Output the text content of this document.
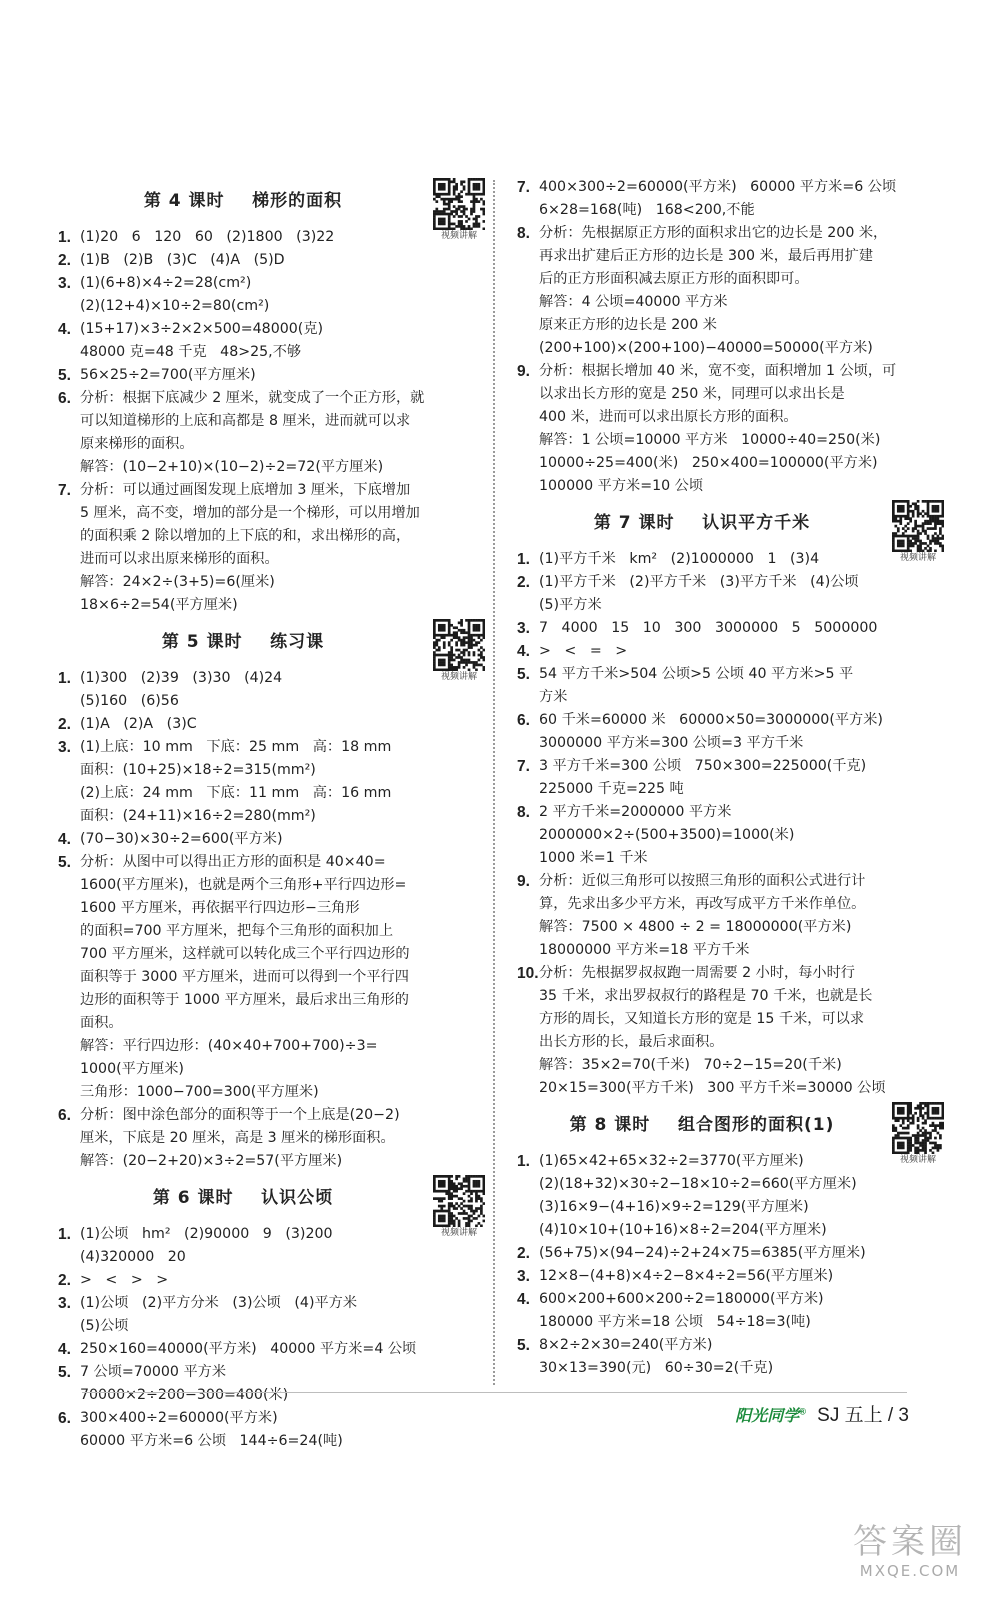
第 4 课时    梯形的面积
视频讲解
1. (1)20   6   120   60   (2)1800   (3)22
2. (1)B   (2)B   (3)C   (4)A   (5)D
3. (1)(6+8)×4÷2=28(cm²)
(2)(12+4)×10÷2=80(cm²)
4. (15+17)×3÷2×2×500=48000(克)
48000 克=48 千克   48>25,不够
5. 56×25÷2=700(平方厘米)
6. 分析：根据下底减少 2 厘米，就变成了一个正方形，就
可以知道梯形的上底和高都是 8 厘米，进而就可以求
原来梯形的面积。
解答：(10−2+10)×(10−2)÷2=72(平方厘米)
7. 分析：可以通过画图发现上底增加 3 厘米，下底增加
5 厘米，高不变，增加的部分是一个梯形，可以用增加
的面积乘 2 除以增加的上下底的和，求出梯形的高，
进而可以求出原来梯形的面积。
解答：24×2÷(3+5)=6(厘米)
18×6÷2=54(平方厘米)
第 5 课时    练习课
视频讲解
1. (1)300   (2)39   (3)30   (4)24
(5)160   (6)56
2. (1)A   (2)A   (3)C
3. (1)上底：10 mm   下底：25 mm   高：18 mm
面积：(10+25)×18÷2=315(mm²)
(2)上底：24 mm   下底：11 mm   高：16 mm
面积：(24+11)×16÷2=280(mm²)
4. (70−30)×30÷2=600(平方米)
5. 分析：从图中可以得出正方形的面积是 40×40=
1600(平方厘米)，也就是两个三角形+平行四边形=
1600 平方厘米，再依据平行四边形−三角形
的面积=700 平方厘米，把每个三角形的面积加上
700 平方厘米，这样就可以转化成三个平行四边形的
面积等于 3000 平方厘米，进而可以得到一个平行四
边形的面积等于 1000 平方厘米，最后求出三角形的
面积。
解答：平行四边形：(40×40+700+700)÷3=
1000(平方厘米)
三角形：1000−700=300(平方厘米)
6. 分析：图中涂色部分的面积等于一个上底是(20−2)
厘米，下底是 20 厘米，高是 3 厘米的梯形面积。
解答：(20−2+20)×3÷2=57(平方厘米)
第 6 课时    认识公顷
视频讲解
1. (1)公顷   hm²   (2)90000   9   (3)200
(4)320000   20
2. >   <   >   >
3. (1)公顷   (2)平方分米   (3)公顷   (4)平方米
(5)公顷
4. 250×160=40000(平方米)   40000 平方米=4 公顷
5. 7 公顷=70000 平方米
70000×2÷200−300=400(米)
6. 300×400÷2=60000(平方米)
60000 平方米=6 公顷   144÷6=24(吨)
7. 400×300÷2=60000(平方米)   60000 平方米=6 公顷
6×28=168(吨)   168<200,不能
8. 分析：先根据原正方形的面积求出它的边长是 200 米，
再求出扩建后正方形的边长是 300 米，最后再用扩建
后的正方形面积减去原正方形的面积即可。
解答：4 公顷=40000 平方米
原来正方形的边长是 200 米
(200+100)×(200+100)−40000=50000(平方米)
9. 分析：根据长增加 40 米，宽不变，面积增加 1 公顷，可
以求出长方形的宽是 250 米，同理可以求出长是
400 米，进而可以求出原长方形的面积。
解答：1 公顷=10000 平方米   10000÷40=250(米)
10000÷25=400(米)   250×400=100000(平方米)
100000 平方米=10 公顷
第 7 课时    认识平方千米
视频讲解
1. (1)平方千米   km²   (2)1000000   1   (3)4
2. (1)平方千米   (2)平方千米   (3)平方千米   (4)公顷
(5)平方米
3. 7   4000   15   10   300   3000000   5   5000000
4. >   <   =   >
5. 54 平方千米>504 公顷>5 公顷 40 平方米>5 平
方米
6. 60 千米=60000 米   60000×50=3000000(平方米)
3000000 平方米=300 公顷=3 平方千米
7. 3 平方千米=300 公顷   750×300=225000(千克)
225000 千克=225 吨
8. 2 平方千米=2000000 平方米
2000000×2÷(500+3500)=1000(米)
1000 米=1 千米
9. 分析：近似三角形可以按照三角形的面积公式进行计
算，先求出多少平方米，再改写成平方千米作单位。
解答：7500 × 4800 ÷ 2 = 18000000(平方米)
18000000 平方米=18 平方千米
10. 分析：先根据罗叔叔跑一周需要 2 小时，每小时行
35 千米，求出罗叔叔行的路程是 70 千米，也就是长
方形的周长，又知道长方形的宽是 15 千米，可以求
出长方形的长，最后求面积。
解答：35×2=70(千米)   70÷2−15=20(千米)
20×15=300(平方千米)   300 平方千米=30000 公顷
第 8 课时    组合图形的面积(1)
视频讲解
1. (1)65×42+65×32÷2=3770(平方厘米)
(2)(18+32)×30÷2−18×10÷2=660(平方厘米)
(3)16×9−(4+16)×9÷2=129(平方厘米)
(4)10×10+(10+16)×8÷2=204(平方厘米)
2. (56+75)×(94−24)÷2+24×75=6385(平方厘米)
3. 12×8−(4+8)×4÷2−8×4÷2=56(平方厘米)
4. 600×200+600×200÷2=180000(平方米)
180000 平方米=18 公顷   54÷18=3(吨)
5. 8×2÷2×30=240(平方米)
30×13=390(元)   60÷30=2(千克)
阳光同学® SJ 五上 / 3
答案圈
MXQE.COM
